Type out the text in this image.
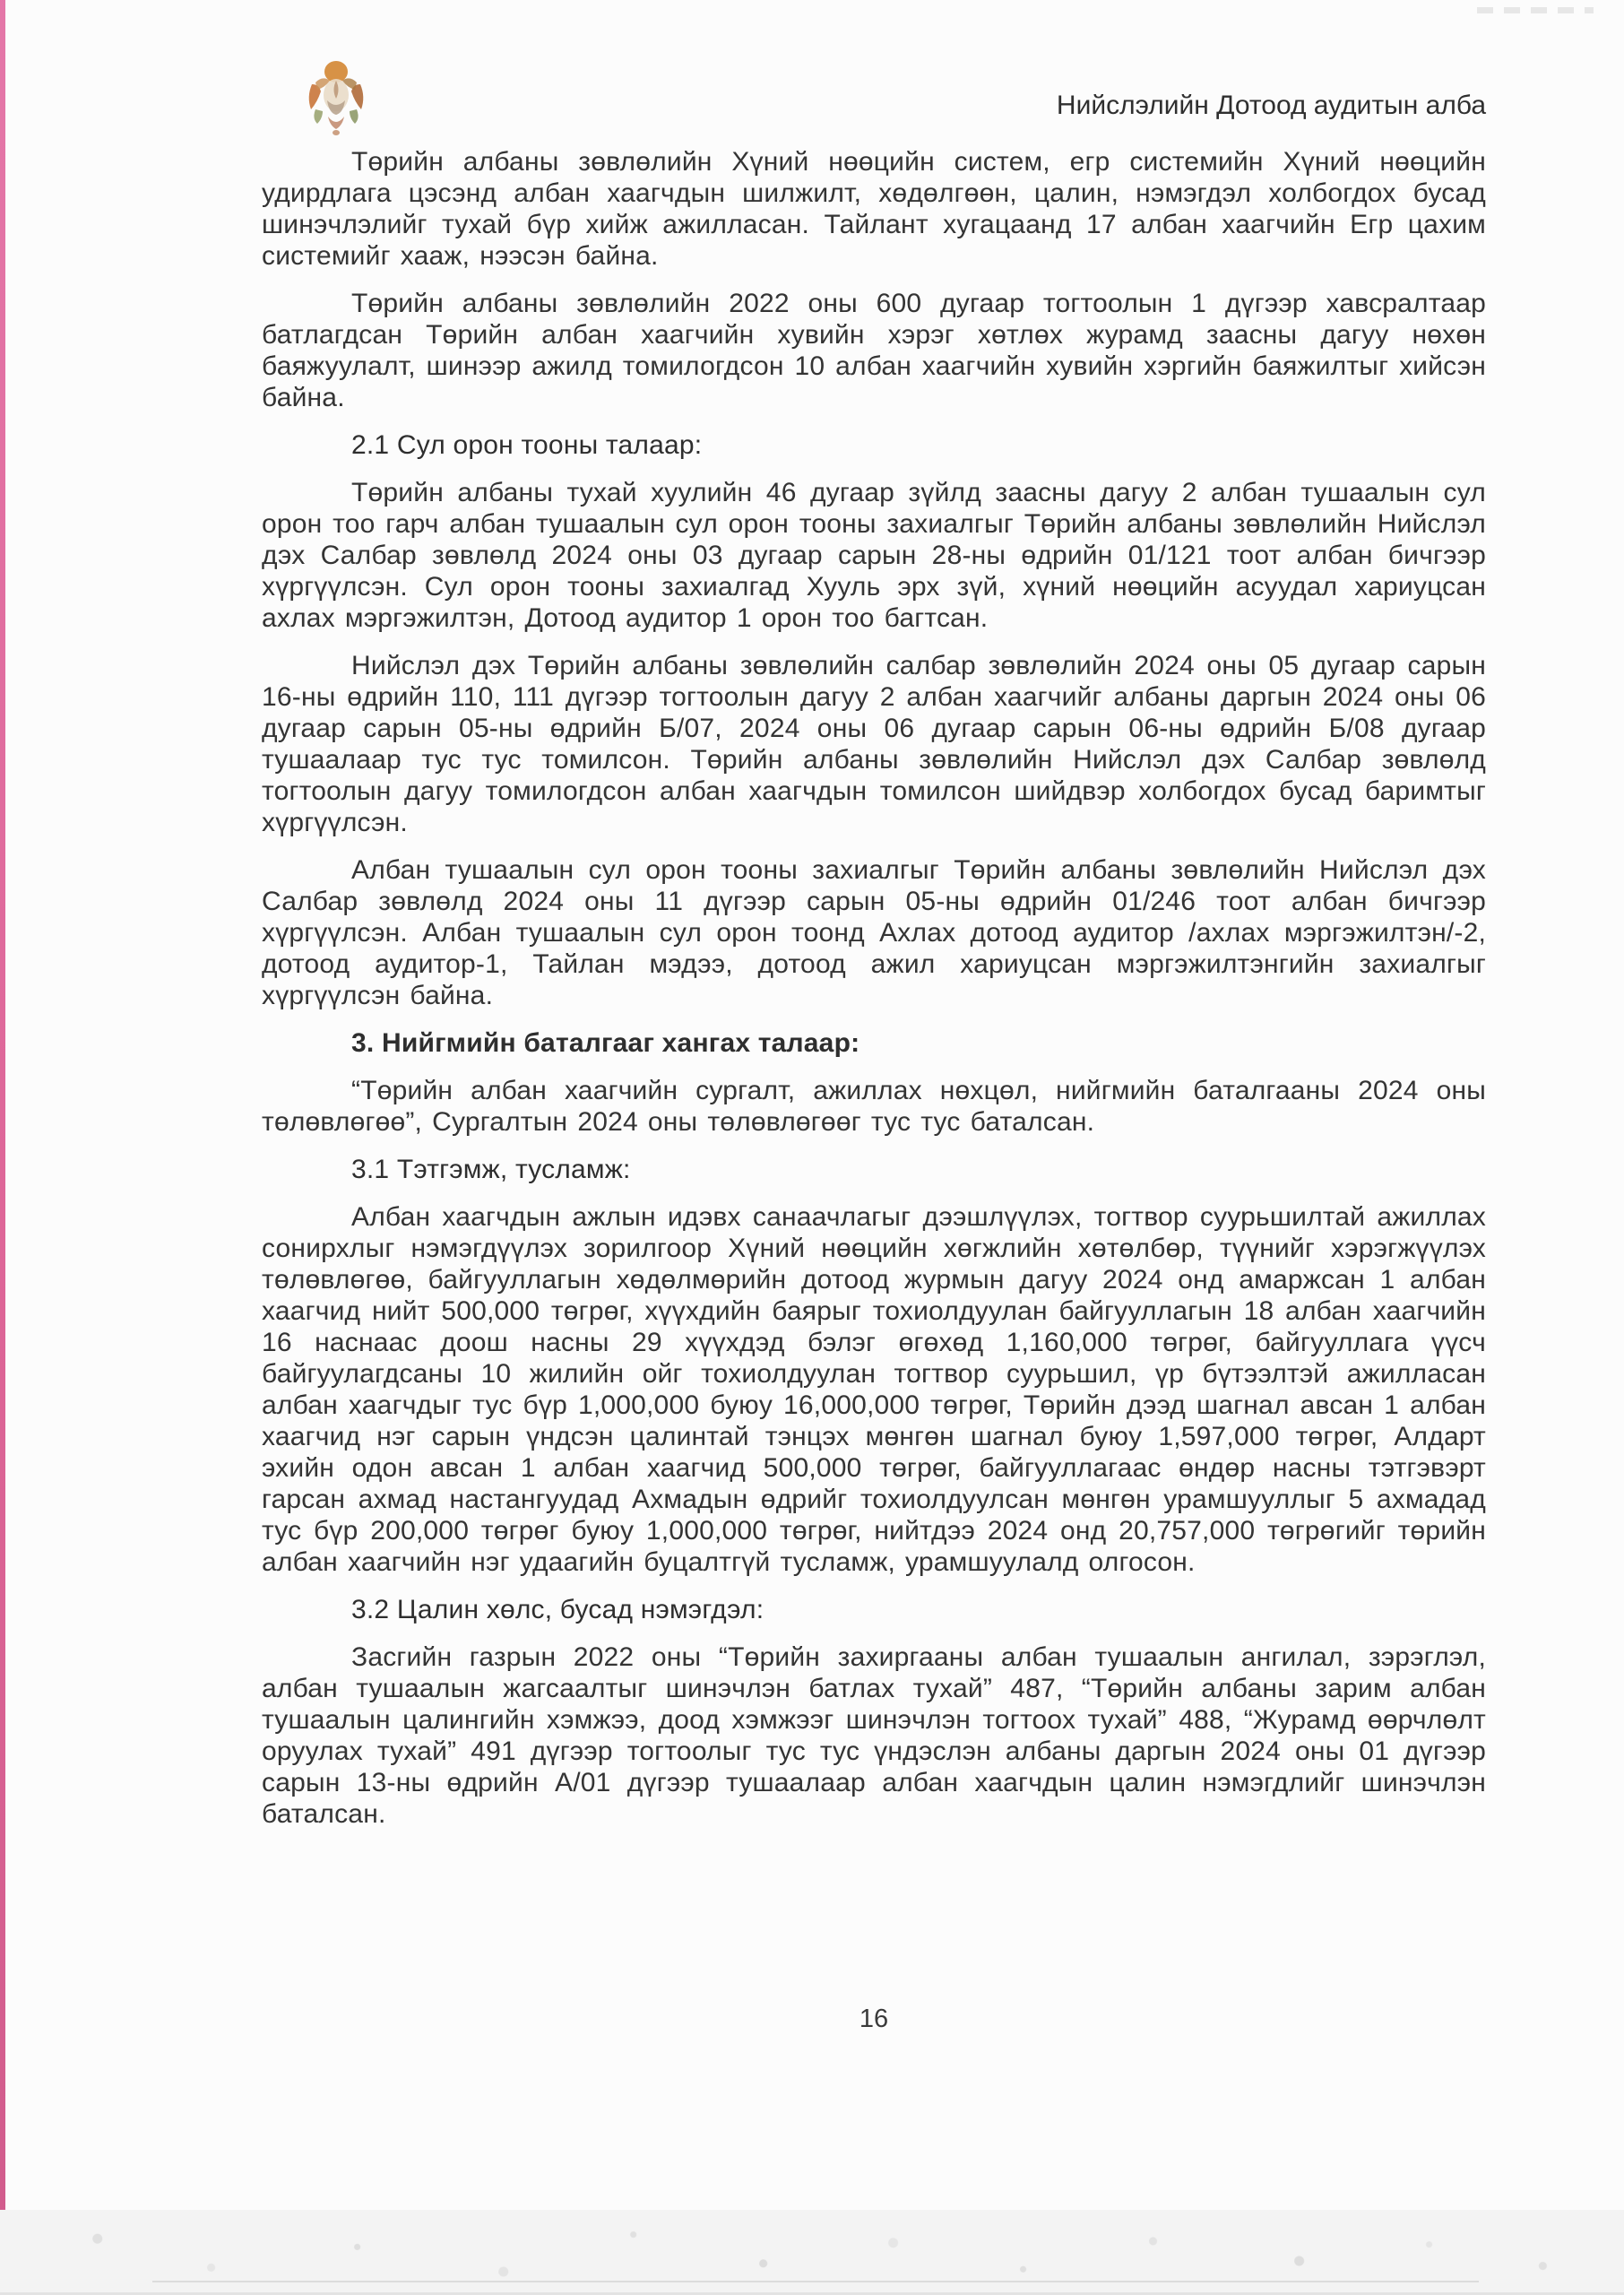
Нийслэлийн Дотоод аудитын алба

Төрийн албаны зөвлөлийн Хүний нөөцийн систем, егр системийн Хүний нөөцийн удирдлага цэсэнд албан хаагчдын шилжилт, хөдөлгөөн, цалин, нэмэгдэл холбогдох бусад шинэчлэлийг тухай бүр хийж ажилласан. Тайлант хугацаанд 17 албан хаагчийн Егр цахим системийг хааж, нээсэн байна.

Төрийн албаны зөвлөлийн 2022 оны 600 дугаар тогтоолын 1 дүгээр хавсралтаар батлагдсан Төрийн албан хаагчийн хувийн хэрэг хөтлөх журамд заасны дагуу нөхөн баяжуулалт, шинээр ажилд томилогдсон 10 албан хаагчийн хувийн хэргийн баяжилтыг хийсэн байна.

2.1 Сул орон тооны талаар:

Төрийн албаны тухай хуулийн 46 дугаар зүйлд заасны дагуу 2 албан тушаалын сул орон тоо гарч албан тушаалын сул орон тооны захиалгыг Төрийн албаны зөвлөлийн Нийслэл дэх Салбар зөвлөлд 2024 оны 03 дугаар сарын 28-ны өдрийн 01/121 тоот албан бичгээр хүргүүлсэн. Сул орон тооны захиалгад Хууль эрх зүй, хүний нөөцийн асуудал хариуцсан ахлах мэргэжилтэн, Дотоод аудитор 1 орон тоо багтсан.

Нийслэл дэх Төрийн албаны зөвлөлийн салбар зөвлөлийн 2024 оны 05 дугаар сарын 16-ны өдрийн 110, 111 дүгээр тогтоолын дагуу 2 албан хаагчийг албаны даргын 2024 оны 06 дугаар сарын 05-ны өдрийн Б/07, 2024 оны 06 дугаар сарын 06-ны өдрийн Б/08 дугаар тушаалаар тус тус томилсон. Төрийн албаны зөвлөлийн Нийслэл дэх Салбар зөвлөлд тогтоолын дагуу томилогдсон албан хаагчдын томилсон шийдвэр холбогдох бусад баримтыг хүргүүлсэн.

Албан тушаалын сул орон тооны захиалгыг Төрийн албаны зөвлөлийн Нийслэл дэх Салбар зөвлөлд 2024 оны 11 дүгээр сарын 05-ны өдрийн 01/246 тоот албан бичгээр хүргүүлсэн. Албан тушаалын сул орон тоонд Ахлах дотоод аудитор /ахлах мэргэжилтэн/-2, дотоод аудитор-1, Тайлан мэдээ, дотоод ажил хариуцсан мэргэжилтэнгийн захиалгыг хүргүүлсэн байна.

3. Нийгмийн баталгааг хангах талаар:

“Төрийн албан хаагчийн сургалт, ажиллах нөхцөл, нийгмийн баталгааны 2024 оны төлөвлөгөө”, Сургалтын 2024 оны төлөвлөгөөг тус тус баталсан.

3.1 Тэтгэмж, тусламж:

Албан хаагчдын ажлын идэвх санаачлагыг дээшлүүлэх, тогтвор суурьшилтай ажиллах сонирхлыг нэмэгдүүлэх зорилгоор Хүний нөөцийн хөгжлийн хөтөлбөр, түүнийг хэрэгжүүлэх төлөвлөгөө, байгууллагын хөдөлмөрийн дотоод журмын дагуу 2024 онд амаржсан 1 албан хаагчид нийт 500,000 төгрөг, хүүхдийн баярыг тохиолдуулан байгууллагын 18 албан хаагчийн 16 наснаас доош насны 29 хүүхдэд бэлэг өгөхөд 1,160,000 төгрөг, байгууллага үүсч байгуулагдсаны 10 жилийн ойг тохиолдуулан тогтвор суурьшил, үр бүтээлтэй ажилласан албан хаагчдыг тус бүр 1,000,000 буюу 16,000,000 төгрөг, Төрийн дээд шагнал авсан 1 албан хаагчид нэг сарын үндсэн цалинтай тэнцэх мөнгөн шагнал буюу 1,597,000 төгрөг, Алдарт эхийн одон авсан 1 албан хаагчид 500,000 төгрөг, байгууллагаас өндөр насны тэтгэвэрт гарсан ахмад настангуудад Ахмадын өдрийг тохиолдуулсан мөнгөн урамшууллыг 5 ахмадад тус бүр 200,000 төгрөг буюу 1,000,000 төгрөг, нийтдээ 2024 онд 20,757,000 төгрөгийг төрийн албан хаагчийн нэг удаагийн буцалтгүй тусламж, урамшуулалд олгосон.

3.2 Цалин хөлс, бусад нэмэгдэл:

Засгийн газрын 2022 оны “Төрийн захиргааны албан тушаалын ангилал, зэрэглэл, албан тушаалын жагсаалтыг шинэчлэн батлах тухай” 487, “Төрийн албаны зарим албан тушаалын цалингийн хэмжээ, доод хэмжээг шинэчлэн тогтоох тухай” 488, “Журамд өөрчлөлт оруулах тухай” 491 дүгээр тогтоолыг тус тус үндэслэн албаны даргын 2024 оны 01 дүгээр сарын 13-ны өдрийн А/01 дүгээр тушаалаар албан хаагчдын цалин нэмэгдлийг шинэчлэн баталсан.

16
